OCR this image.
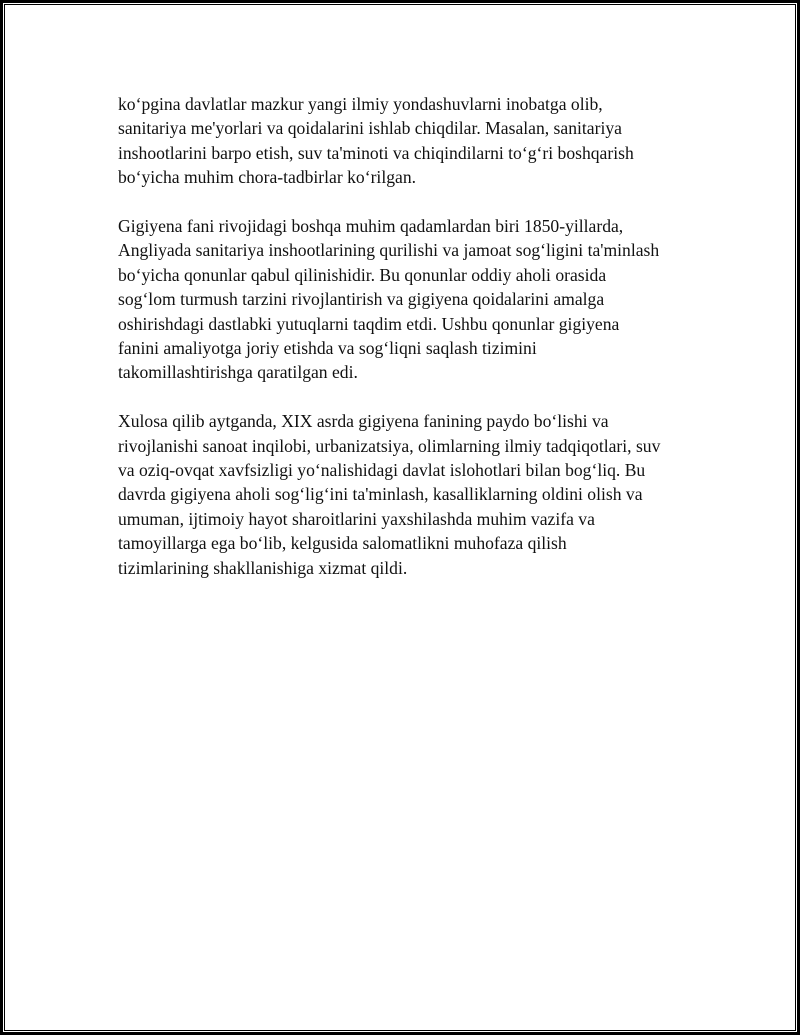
ko‘pgina davlatlar mazkur yangi ilmiy yondashuvlarni inobatga olib,
sanitariya me'yorlari va qoidalarini ishlab chiqdilar. Masalan, sanitariya
inshootlarini barpo etish, suv ta'minoti va chiqindilarni to‘g‘ri boshqarish
bo‘yicha muhim chora-tadbirlar ko‘rilgan.

Gigiyena fani rivojidagi boshqa muhim qadamlardan biri 1850-yillarda,
Angliyada sanitariya inshootlarining qurilishi va jamoat sog‘ligini ta'minlash
bo‘yicha qonunlar qabul qilinishidir. Bu qonunlar oddiy aholi orasida
sog‘lom turmush tarzini rivojlantirish va gigiyena qoidalarini amalga
oshirishdagi dastlabki yutuqlarni taqdim etdi. Ushbu qonunlar gigiyena
fanini amaliyotga joriy etishda va sog‘liqni saqlash tizimini
takomillashtirishga qaratilgan edi.

Xulosa qilib aytganda, XIX asrda gigiyena fanining paydo bo‘lishi va
rivojlanishi sanoat inqilobi, urbanizatsiya, olimlarning ilmiy tadqiqotlari, suv
va oziq-ovqat xavfsizligi yo‘nalishidagi davlat islohotlari bilan bog‘liq. Bu
davrda gigiyena aholi sog‘lig‘ini ta'minlash, kasalliklarning oldini olish va
umuman, ijtimoiy hayot sharoitlarini yaxshilashda muhim vazifa va
tamoyillarga ega bo‘lib, kelgusida salomatlikni muhofaza qilish
tizimlarining shakllanishiga xizmat qildi.
